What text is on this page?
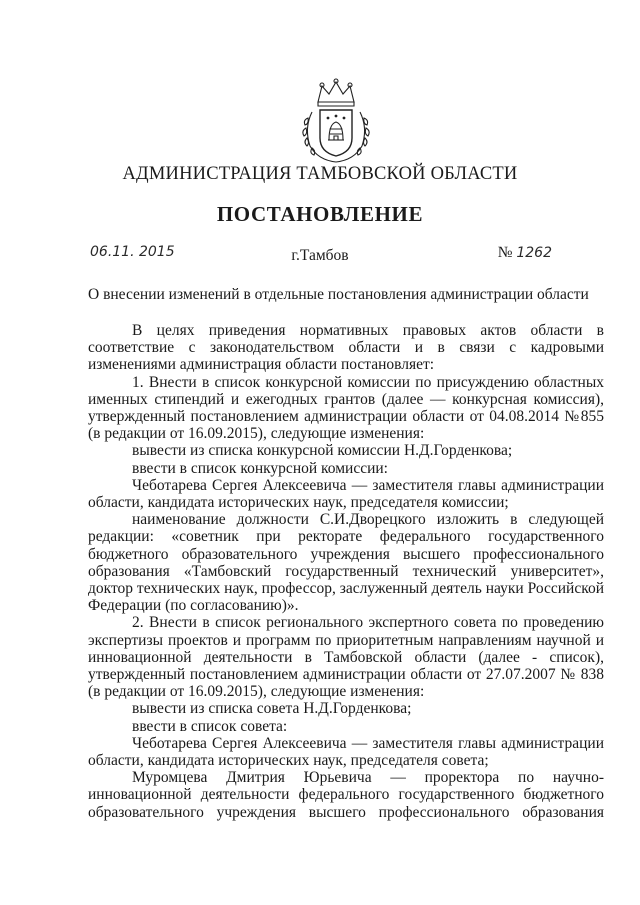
АДМИНИСТРАЦИЯ ТАМБОВСКОЙ ОБЛАСТИ
ПОСТАНОВЛЕНИЕ
06.11. 2015	г.Тамбов	№ 1262
О внесении изменений в отдельные постановления администрации области

В целях приведения нормативных правовых актов области в соответствие с законодательством области и в связи с кадровыми изменениями администрация области постановляет:

1. Внести в список конкурсной комиссии по присуждению областных именных стипендий и ежегодных грантов (далее — конкурсная комиссия), утвержденный постановлением администрации области от 04.08.2014 №855 (в редакции от 16.09.2015), следующие изменения:

вывести из списка конкурсной комиссии Н.Д.Горденкова;

ввести в список конкурсной комиссии:

Чеботарева Сергея Алексеевича — заместителя главы администрации области, кандидата исторических наук, председателя комиссии;

наименование должности С.И.Дворецкого изложить в следующей редакции: «советник при ректорате федерального государственного бюджетного образовательного учреждения высшего профессионального образования «Тамбовский государственный технический университет», доктор технических наук, профессор, заслуженный деятель науки Российской Федерации (по согласованию)».

2. Внести в список регионального экспертного совета по проведению экспертизы проектов и программ по приоритетным направлениям научной и инновационной деятельности в Тамбовской области (далее - список), утвержденный постановлением администрации области от 27.07.2007 № 838 (в редакции от 16.09.2015), следующие изменения:

вывести из списка совета Н.Д.Горденкова;

ввести в список совета:

Чеботарева Сергея Алексеевича — заместителя главы администрации области, кандидата исторических наук, председателя совета;

Муромцева Дмитрия Юрьевича — проректора по научно-инновационной деятельности федерального государственного бюджетного образовательного учреждения высшего профессионального образования
